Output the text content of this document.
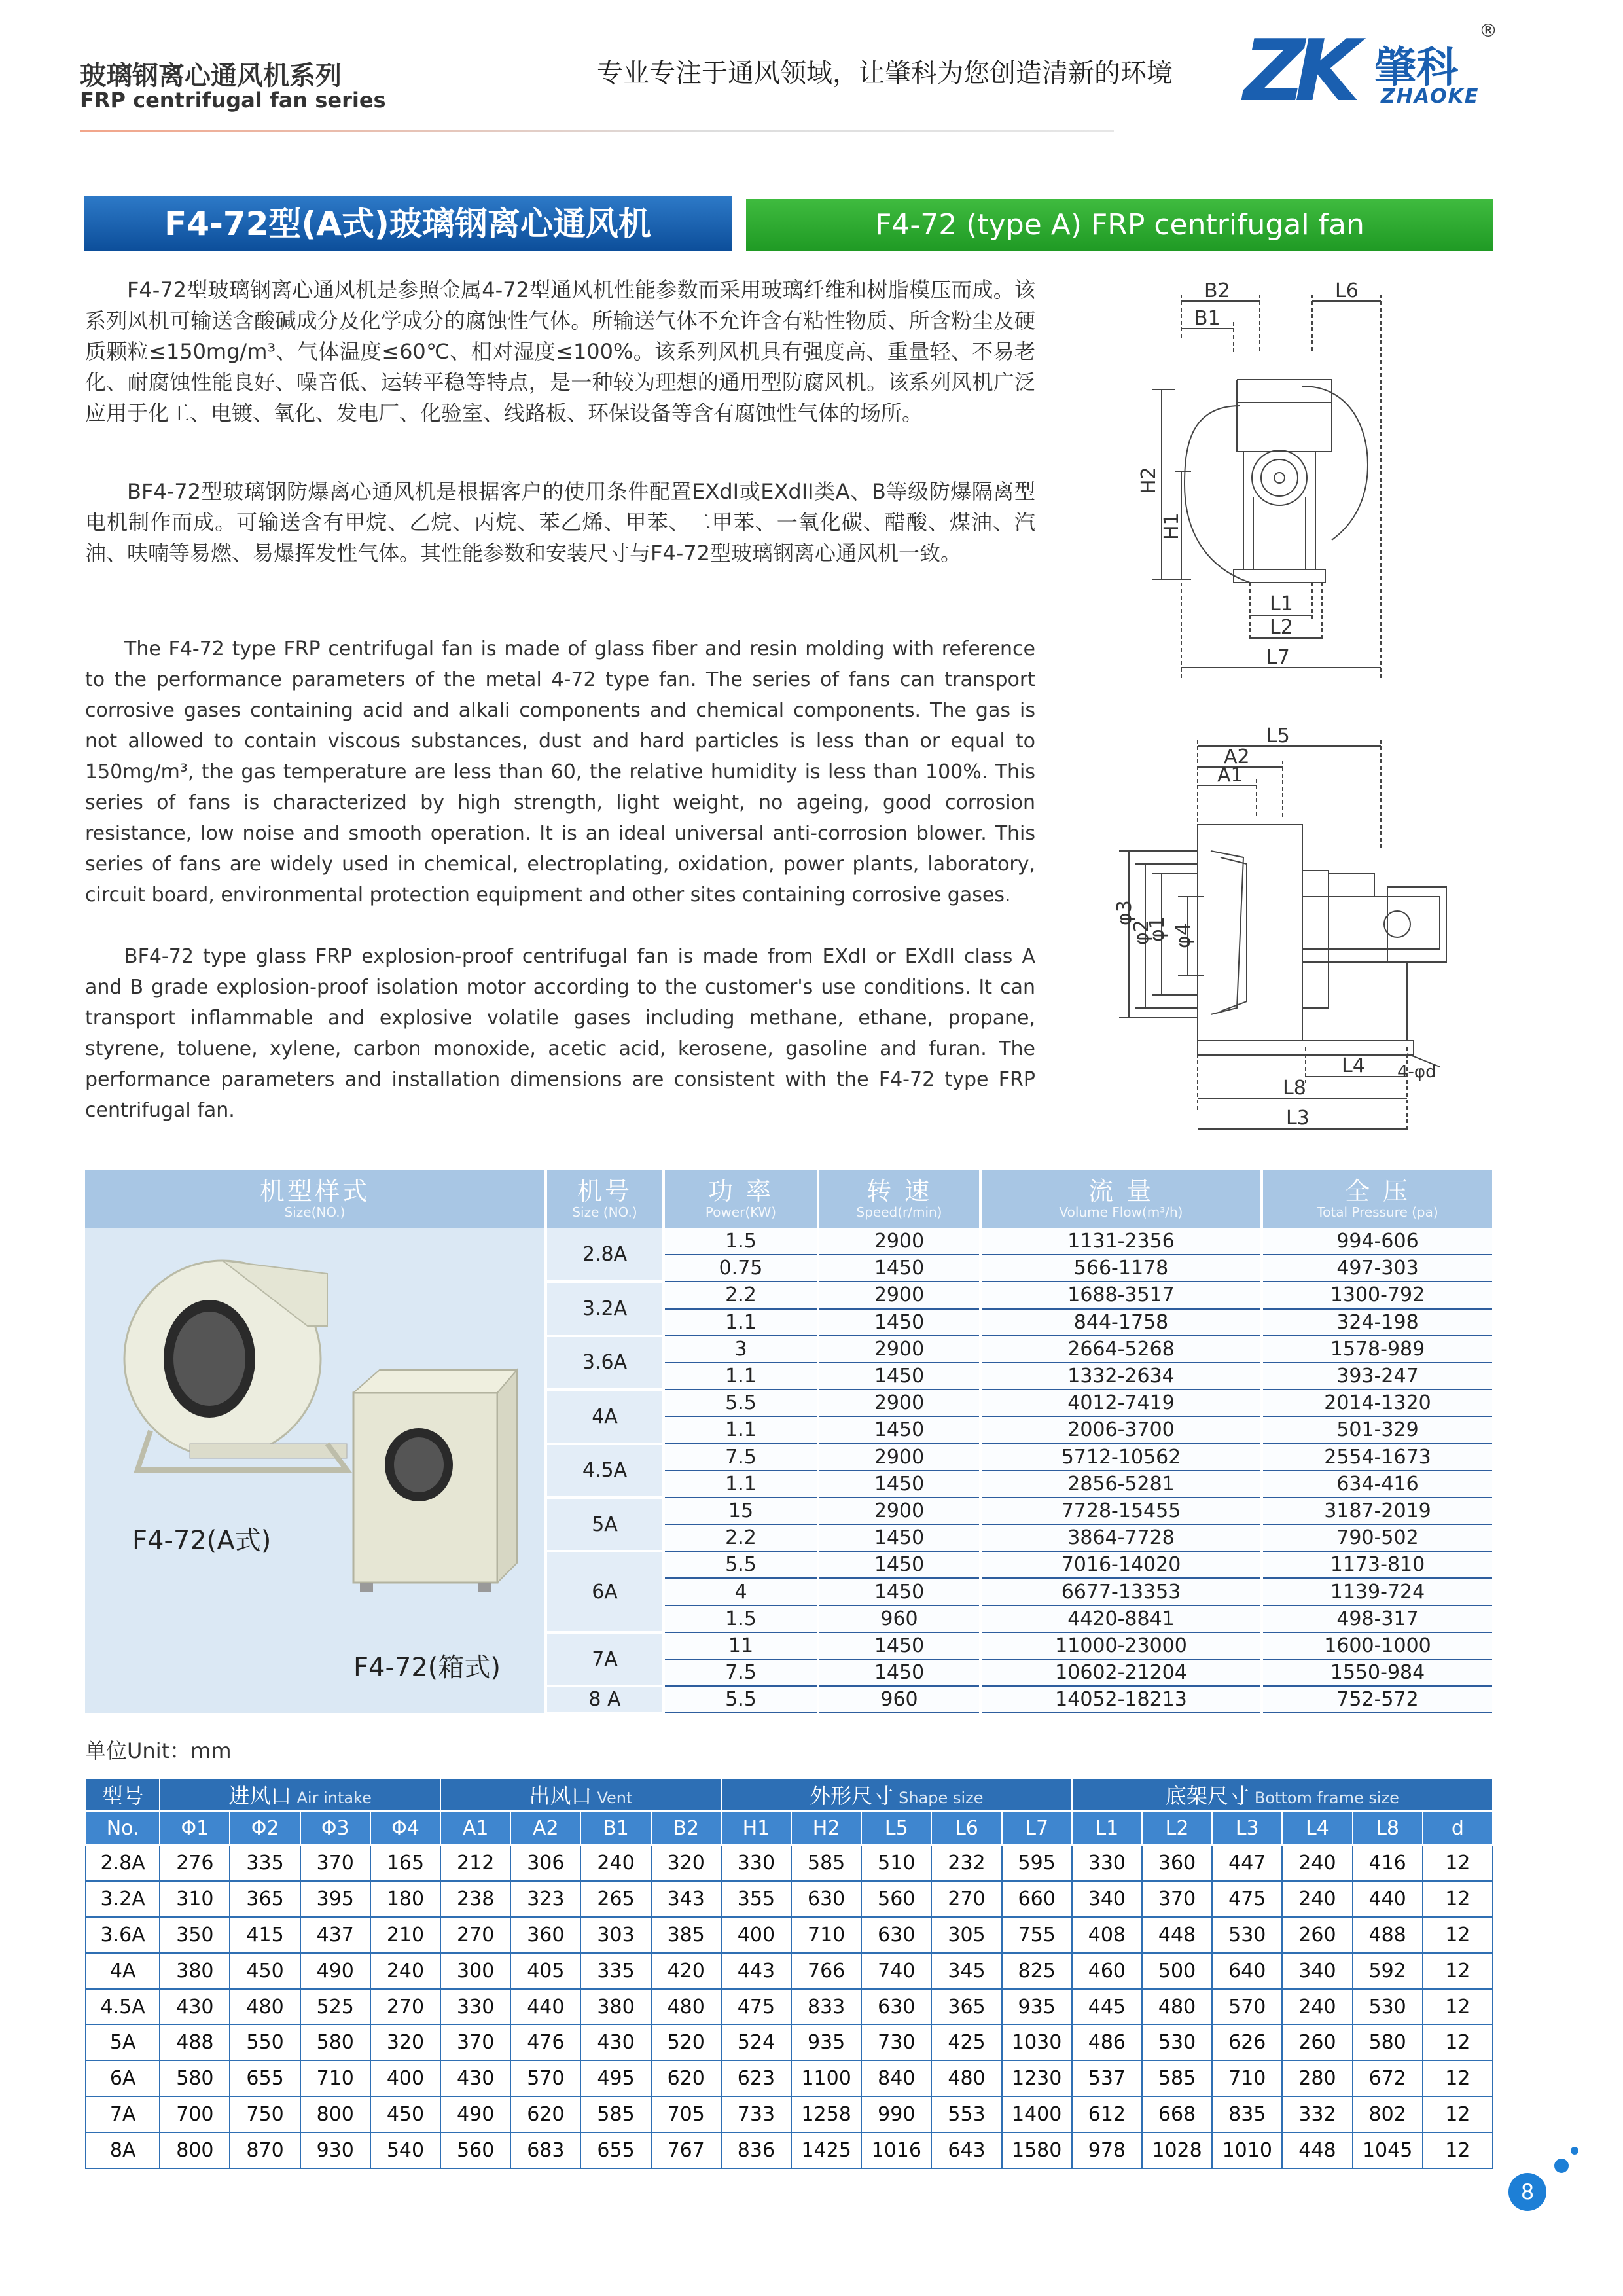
玻璃钢离心通风机系列
FRP centrifugal fan series
专业专注于通风领域，让肇科为您创造清新的环境 ZK 肇科
ZHAOKE
®
F4-72型(A式)玻璃钢离心通风机	F4-72 (type A) FRP centrifugal fan

F4-72型玻璃钢离心通风机是参照金属4-72型通风机性能参数而采用玻璃纤维和树脂模压而成。该系列风机可输送含酸碱成分及化学成分的腐蚀性气体。所输送气体不允许含有粘性物质、所含粉尘及硬质颗粒≤150mg/m³、气体温度≤60℃、相对湿度≤100%。该系列风机具有强度高、重量轻、不易老化、耐腐蚀性能良好、噪音低、运转平稳等特点，是一种较为理想的通用型防腐风机。该系列风机广泛应用于化工、电镀、氧化、发电厂、化验室、线路板、环保设备等含有腐蚀性气体的场所。

BF4-72型玻璃钢防爆离心通风机是根据客户的使用条件配置EXdI或EXdII类A、B等级防爆隔离型电机制作而成。可输送含有甲烷、乙烷、丙烷、苯乙烯、甲苯、二甲苯、一氧化碳、醋酸、煤油、汽油、呋喃等易燃、易爆挥发性气体。其性能参数和安装尺寸与F4-72型玻璃钢离心通风机一致。

The F4-72 type FRP centrifugal fan is made of glass fiber and resin molding with reference to the performance parameters of the metal 4-72 type fan. The series of fans can transport corrosive gases containing acid and alkali components and chemical components. The gas is not allowed to contain viscous substances, dust and hard particles is less than or equal to 150mg/m³, the gas temperature are less than 60, the relative humidity is less than 100%. This series of fans is characterized by high strength, light weight, no ageing, good corrosion resistance, low noise and smooth operation. It is an ideal universal anti-corrosion blower. This series of fans are widely used in chemical, electroplating, oxidation, power plants, laboratory, circuit board, environmental protection equipment and other sites containing corrosive gases.

BF4-72 type glass FRP explosion-proof centrifugal fan is made from EXdI or EXdII class A and B grade explosion-proof isolation motor according to the customer's use conditions. It can transport inflammable and explosive volatile gases including methane, ethane, propane, styrene, toluene, xylene, carbon monoxide, acetic acid, kerosene, gasoline and furan. The performance parameters and installation dimensions are consistent with the F4-72 type FRP centrifugal fan.

B2
B1
L6
H2
H1
L1
L2
L7
L5
A2
A1
φ3
φ2
φ1 φ4
L4 4-φd
L8
L3
机型样式
Size(NO.)	机号
Size (NO.)	功 率
Power(KW)	转 速
Speed(r/min)	流 量
Volume Flow(m³/h)	全 压
Total Pressure (pa)

F4-72(A式)
F4-72(箱式)	2.8A	1.5	2900	1131-2356	994-606
		0.75	1450	566-1178	497-303
	3.2A	2.2	2900	1688-3517	1300-792
		1.1	1450	844-1758	324-198
	3.6A	3	2900	2664-5268	1578-989
		1.1	1450	1332-2634	393-247
	4A	5.5	2900	4012-7419	2014-1320
		1.1	1450	2006-3700	501-329
	4.5A	7.5	2900	5712-10562	2554-1673
		1.1	1450	2856-5281	634-416
	5A	15	2900	7728-15455	3187-2019
		2.2	1450	3864-7728	790-502
	6A	5.5	1450	7016-14020	1173-810
		4	1450	6677-13353	1139-724
		1.5	960	4420-8841	498-317
	7A	11	1450	11000-23000	1600-1000
		7.5	1450	10602-21204	1550-984
	8 A	5.5	960	14052-18213	752-572
单位Unit：mm
型号	进风口 Air intake				出风口 Vent				外形尺寸 Shape size					底架尺寸 Bottom frame size					
No.	Φ1	Φ2	Φ3	Φ4	A1	A2	B1	B2	H1	H2	L5	L6	L7	L1	L2	L3	L4	L8	d
2.8A	276	335	370	165	212	306	240	320	330	585	510	232	595	330	360	447	240	416	12
3.2A	310	365	395	180	238	323	265	343	355	630	560	270	660	340	370	475	240	440	12
3.6A	350	415	437	210	270	360	303	385	400	710	630	305	755	408	448	530	260	488	12
4A	380	450	490	240	300	405	335	420	443	766	740	345	825	460	500	640	340	592	12
4.5A	430	480	525	270	330	440	380	480	475	833	630	365	935	445	480	570	240	530	12
5A	488	550	580	320	370	476	430	520	524	935	730	425	1030	486	530	626	260	580	12
6A	580	655	710	400	430	570	495	620	623	1100	840	480	1230	537	585	710	280	672	12
7A	700	750	800	450	490	620	585	705	733	1258	990	553	1400	612	668	835	332	802	12
8A	800	870	930	540	560	683	655	767	836	1425	1016	643	1580	978	1028	1010	448	1045	12
8
